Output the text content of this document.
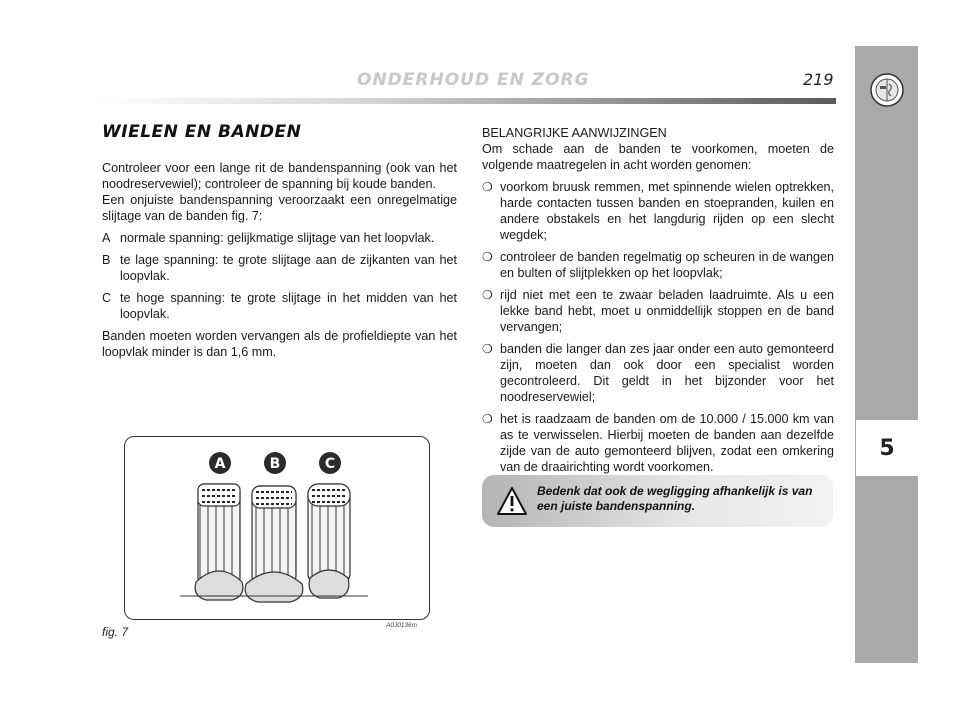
ONDERHOUD EN ZORG	219
5
WIELEN EN BANDEN

Controleer voor een lange rit de bandenspanning (ook van het noodreservewiel); controleer de spanning bij koude banden.

Een onjuiste bandenspanning veroorzaakt een onregelmatige slijtage van de banden fig. 7:

A normale spanning: gelijkmatige slijtage van het loopvlak.
B te lage spanning: te grote slijtage aan de zijkanten van het loopvlak.
C te hoge spanning: te grote slijtage in het midden van het loopvlak.

Banden moeten worden vervangen als de profieldiepte van het loopvlak minder is dan 1,6 mm.

BELANGRIJKE AANWIJZINGEN

Om schade aan de banden te voorkomen, moeten de volgende maatregelen in acht worden genomen:

❍ voorkom bruusk remmen, met spinnende wielen optrekken, harde contacten tussen banden en stoepranden, kuilen en andere obstakels en het langdurig rijden op een slecht wegdek;
❍ controleer de banden regelmatig op scheuren in de wangen en bulten of slijtplekken op het loopvlak;
❍ rijd niet met een te zwaar beladen laadruimte. Als u een lekke band hebt, moet u onmiddellijk stoppen en de band vervangen;
❍ banden die langer dan zes jaar onder een auto gemonteerd zijn, moeten dan ook door een specialist worden gecontroleerd. Dit geldt in het bijzonder voor het noodreservewiel;
❍ het is raadzaam de banden om de 10.000 / 15.000 km van as te verwisselen. Hierbij moeten de banden aan dezelfde zijde van de auto gemonteerd blijven, zodat een omkering van de draairichting wordt voorkomen.
A	B	C
fig. 7	A0J0136m
Bedenk dat ook de wegligging afhankelijk is van een juiste bandenspanning.
